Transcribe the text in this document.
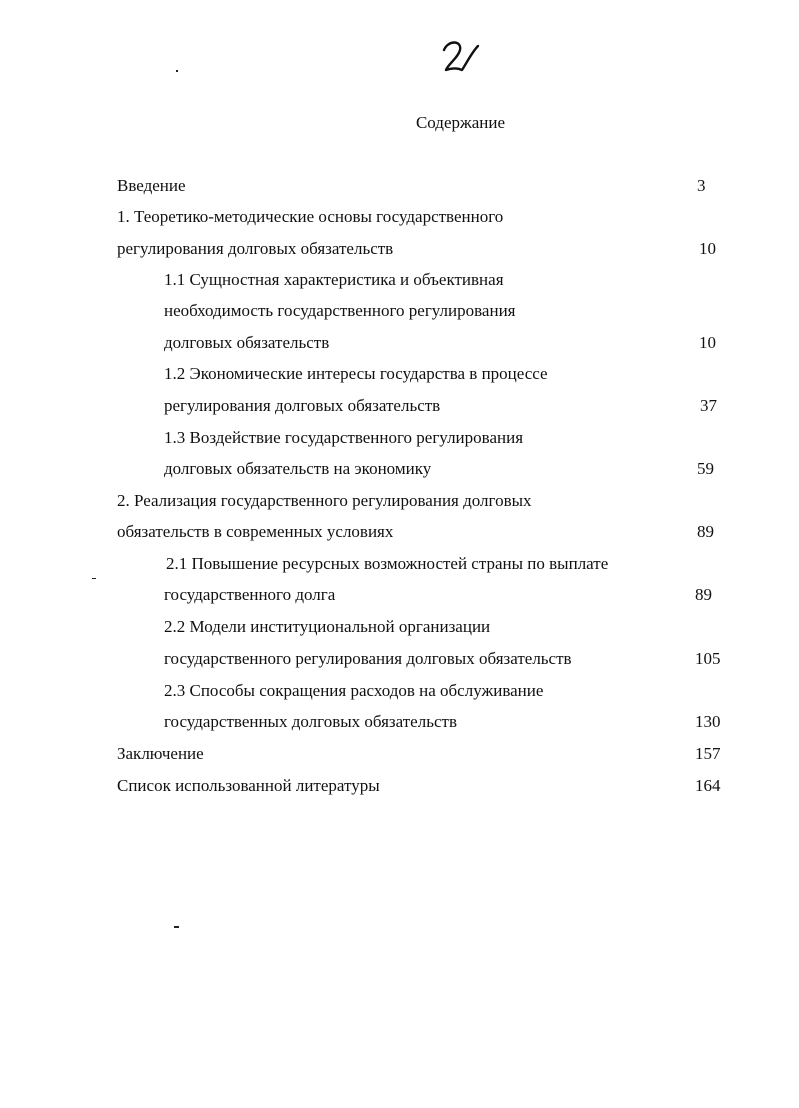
Содержание
Введение	3
1. Теоретико-методические основы государственного
регулирования долговых обязательств	10
1.1 Сущностная характеристика и объективная
необходимость государственного регулирования
долговых обязательств	10
1.2 Экономические интересы государства в процессе
регулирования долговых обязательств	37
1.3 Воздействие государственного регулирования
долговых обязательств на экономику	59
2. Реализация государственного регулирования долговых
обязательств в современных условиях	89
2.1 Повышение ресурсных возможностей страны по выплате
государственного долга	89
2.2 Модели институциональной организации
государственного регулирования долговых обязательств	105
2.3 Способы сокращения расходов на обслуживание
государственных долговых обязательств	130
Заключение	157
Список использованной литературы	164
